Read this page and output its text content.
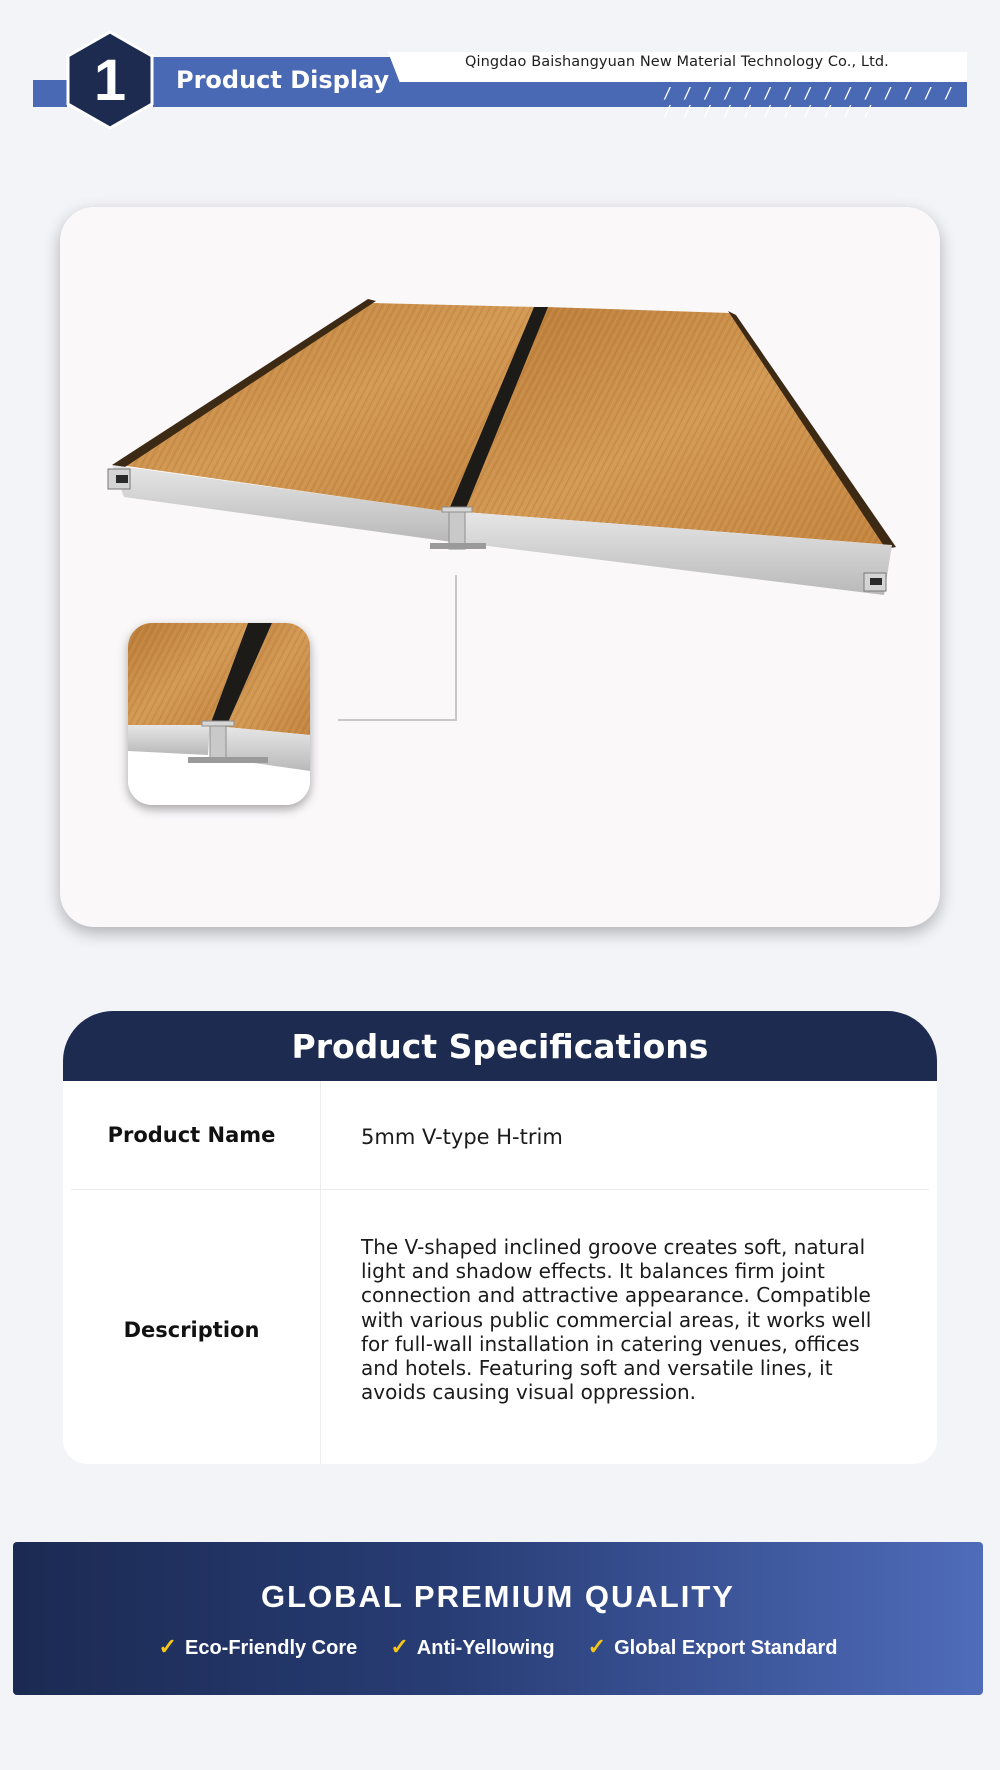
1 Product Display
Qingdao Baishangyuan New Material Technology Co., Ltd.
/ / / / / / / / / / / / / / / / / / / / / / / / / /
Product Specifications
Product Name	5mm V-type H-trim
Description
The V-shaped inclined groove creates soft, natural light and shadow effects. It balances firm joint connection and attractive appearance. Compatible with various public commercial areas, it works well for full-wall installation in catering venues, offices and hotels. Featuring soft and versatile lines, it avoids causing visual oppression.
GLOBAL PREMIUM QUALITY
✓ Eco-Friendly Core ✓ Anti-Yellowing ✓ Global Export Standard
